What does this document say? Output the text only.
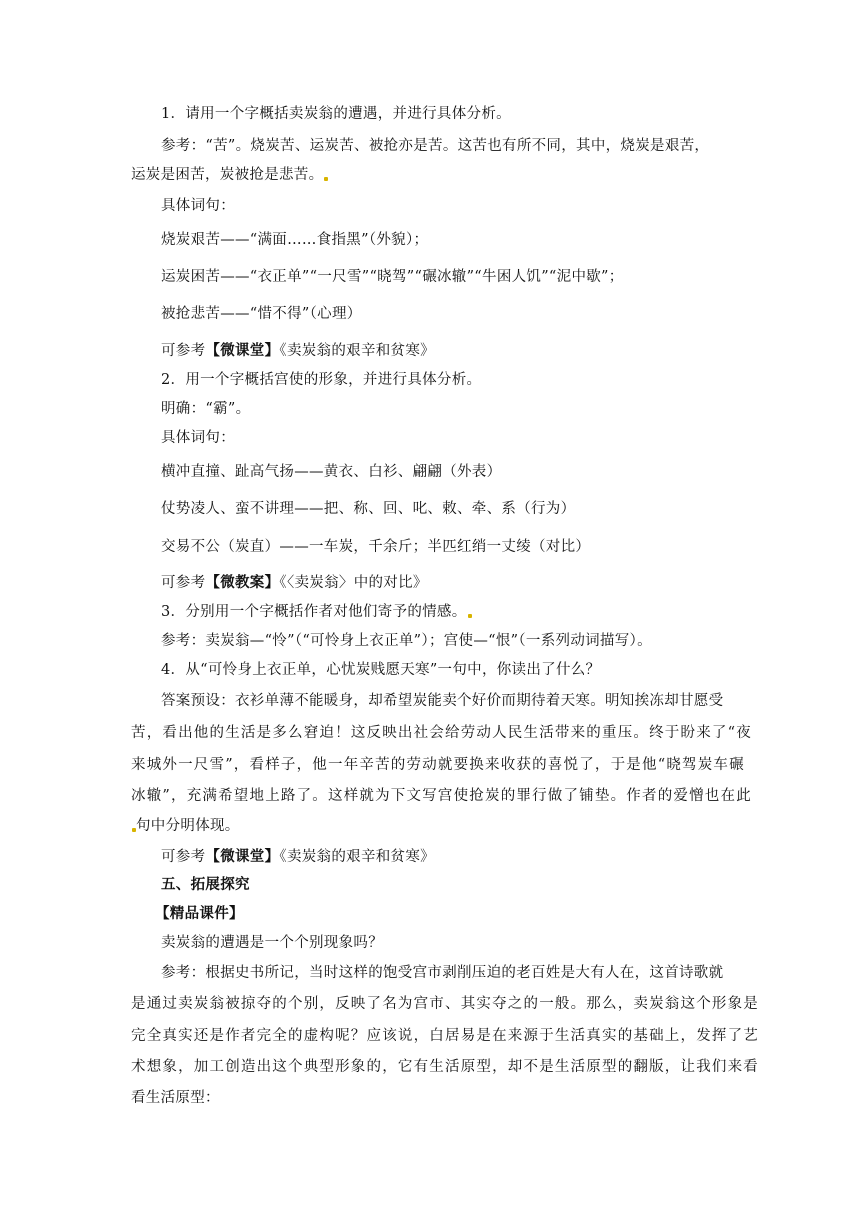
1．请用一个字概括卖炭翁的遭遇，并进行具体分析。
参考：“苦”。烧炭苦、运炭苦、被抢亦是苦。这苦也有所不同，其中，烧炭是艰苦，
运炭是困苦，炭被抢是悲苦。
具体词句：
烧炭艰苦——“满面……食指黑”（外貌）；
运炭困苦——“衣正单”“一尺雪”“晓驾”“碾冰辙”“牛困人饥”“泥中歇”；
被抢悲苦——“惜不得”（心理）
可参考【微课堂】《卖炭翁的艰辛和贫寒》
2．用一个字概括宫使的形象，并进行具体分析。
明确：“霸”。
具体词句：
横冲直撞、趾高气扬——黄衣、白衫、翩翩（外表）
仗势凌人、蛮不讲理——把、称、回、叱、敕、牵、系（行为）
交易不公（炭直）——一车炭，千余斤；半匹红绡一丈绫（对比）
可参考【微教案】《〈卖炭翁〉中的对比》
3．分别用一个字概括作者对他们寄予的情感。
参考：卖炭翁—“怜”（“可怜身上衣正单”）；宫使—“恨”（一系列动词描写）。
4．从“可怜身上衣正单，心忧炭贱愿天寒”一句中，你读出了什么？
答案预设：衣衫单薄不能暖身，却希望炭能卖个好价而期待着天寒。明知挨冻却甘愿受
苦，看出他的生活是多么窘迫！这反映出社会给劳动人民生活带来的重压。终于盼来了“夜
来城外一尺雪”，看样子，他一年辛苦的劳动就要换来收获的喜悦了，于是他“晓驾炭车碾
冰辙”，充满希望地上路了。这样就为下文写宫使抢炭的罪行做了铺垫。作者的爱憎也在此
句中分明体现。
可参考【微课堂】《卖炭翁的艰辛和贫寒》
五、拓展探究
【精品课件】
卖炭翁的遭遇是一个个别现象吗？
参考：根据史书所记，当时这样的饱受宫市剥削压迫的老百姓是大有人在，这首诗歌就
是通过卖炭翁被掠夺的个别，反映了名为宫市、其实夺之的一般。那么，卖炭翁这个形象是
完全真实还是作者完全的虚构呢？应该说，白居易是在来源于生活真实的基础上，发挥了艺
术想象，加工创造出这个典型形象的，它有生活原型，却不是生活原型的翻版，让我们来看
看生活原型：
